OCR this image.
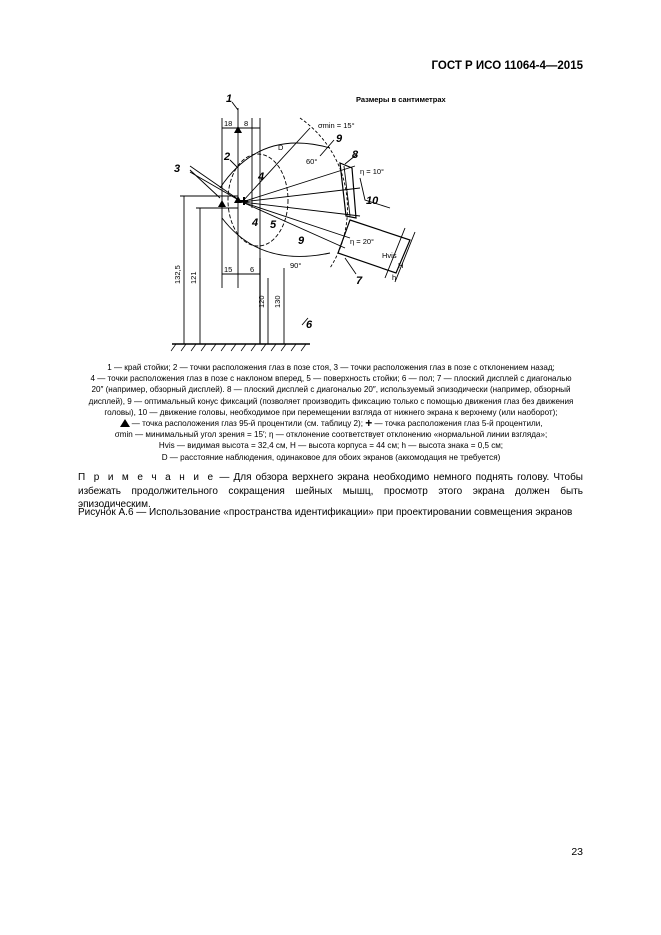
ГОСТ Р ИСО 11064-4—2015
1
2
3
4
4 5
6
7
8
9
9
10
Размеры в сантиметрах
σmin = 15°
η = 10°
η = 20°
18 8
15 6	90°
60°
D
H
Hvis
h
132,5 121
120 130
1 — край стойки; 2 — точки расположения глаз в позе стоя, 3 — точки расположения глаз в позе с отклонением назад;
4 — точки расположения глаз в позе с наклоном вперед, 5 — поверхность стойки; 6 — пол; 7 — плоский дисплей с диагональю
20″ (например, обзорный дисплей). 8 — плоский дисплей с диагональю 20″, используемый эпизодически (например, обзорный
дисплей), 9 — оптимальный конус фиксаций (позволяет производить фиксацию только с помощью движения глаз без движения
головы), 10 — движение головы, необходимое при перемещении взгляда от нижнего экрана к верхнему (или наоборот);
— точка расположения глаз 95-й процентили (см. таблицу 2); + — точка расположения глаз 5-й процентили,
σmin — минимальный угол зрения = 15′; η — отклонение соответствует отклонению «нормальной линии взгляда»;
Hvis — видимая высота = 32,4 см, H — высота корпуса = 44 см; h — высота знака = 0,5 см;
D — расстояние наблюдения, одинаковое для обоих экранов (аккомодация не требуется)
П р и м е ч а н и е — Для обзора верхнего экрана необходимо немного поднять голову. Чтобы избежать продолжительного сокращения шейных мышц, просмотр этого экрана должен быть эпизодическим.
Рисунок А.6 — Использование «пространства идентификации» при проектировании совмещения экранов
23
